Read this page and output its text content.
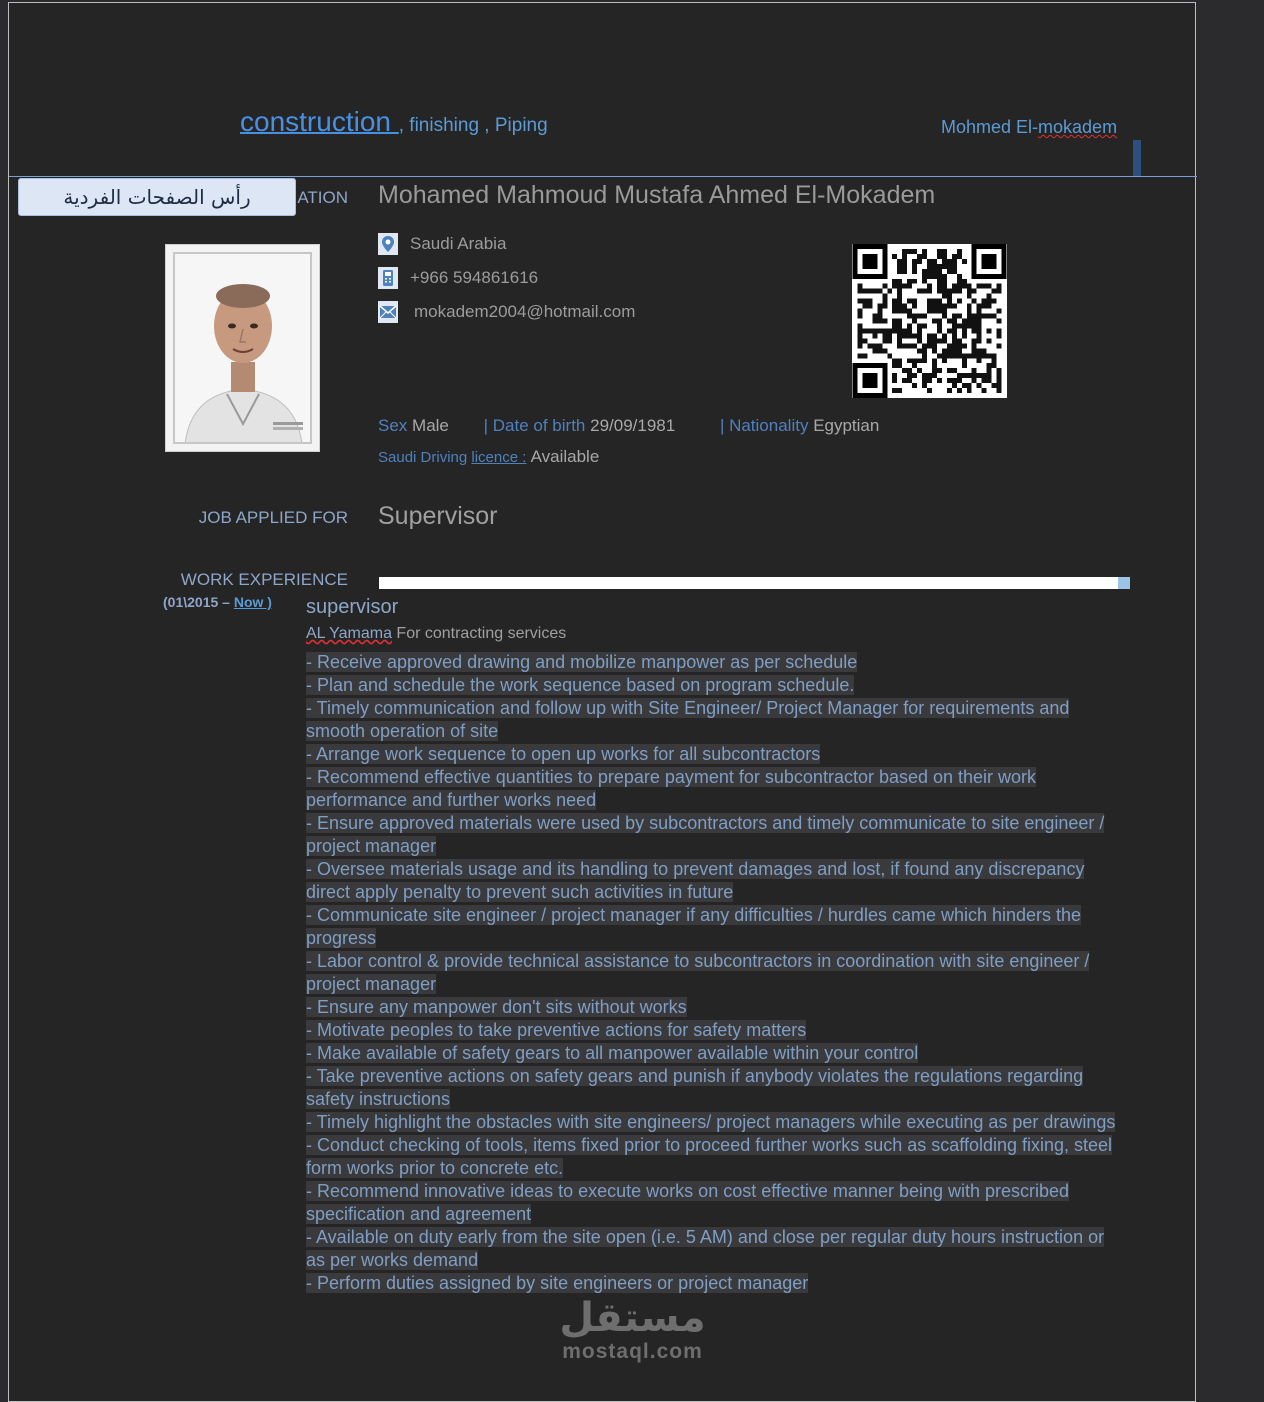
construction , finishing , Piping	Mohmed El-mokadem
ATION
رأس الصفحات الفردية	Mohamed Mahmoud Mustafa Ahmed El-Mokadem
Saudi Arabia
+966 594861616
mokadem2004@hotmail.com
Sex Male | Date of birth 29/09/1981	| Nationality Egyptian
Saudi Driving licence : Available
JOB APPLIED FOR Supervisor
WORK EXPERIENCE
(01\2015 – Now ) supervisor
AL Yamama For contracting services
- Receive approved drawing and mobilize manpower as per schedule
- Plan and schedule the work sequence based on program schedule.
- Timely communication and follow up with Site Engineer/ Project Manager for requirements and smooth operation of site
- Arrange work sequence to open up works for all subcontractors
- Recommend effective quantities to prepare payment for subcontractor based on their work performance and further works need
- Ensure approved materials were used by subcontractors and timely communicate to site engineer / project manager
- Oversee materials usage and its handling to prevent damages and lost, if found any discrepancy direct apply penalty to prevent such activities in future
- Communicate site engineer / project manager if any difficulties / hurdles came which hinders the progress
- Labor control & provide technical assistance to subcontractors in coordination with site engineer / project manager
- Ensure any manpower don't sits without works
- Motivate peoples to take preventive actions for safety matters
- Make available of safety gears to all manpower available within your control
- Take preventive actions on safety gears and punish if anybody violates the regulations regarding safety instructions
- Timely highlight the obstacles with site engineers/ project managers while executing as per drawings
- Conduct checking of tools, items fixed prior to proceed further works such as scaffolding fixing, steel form works prior to concrete etc.
- Recommend innovative ideas to execute works on cost effective manner being with prescribed specification and agreement
- Available on duty early from the site open (i.e. 5 AM) and close per regular duty hours instruction or as per works demand
- Perform duties assigned by site engineers or project manager
مستقل
mostaql.com
